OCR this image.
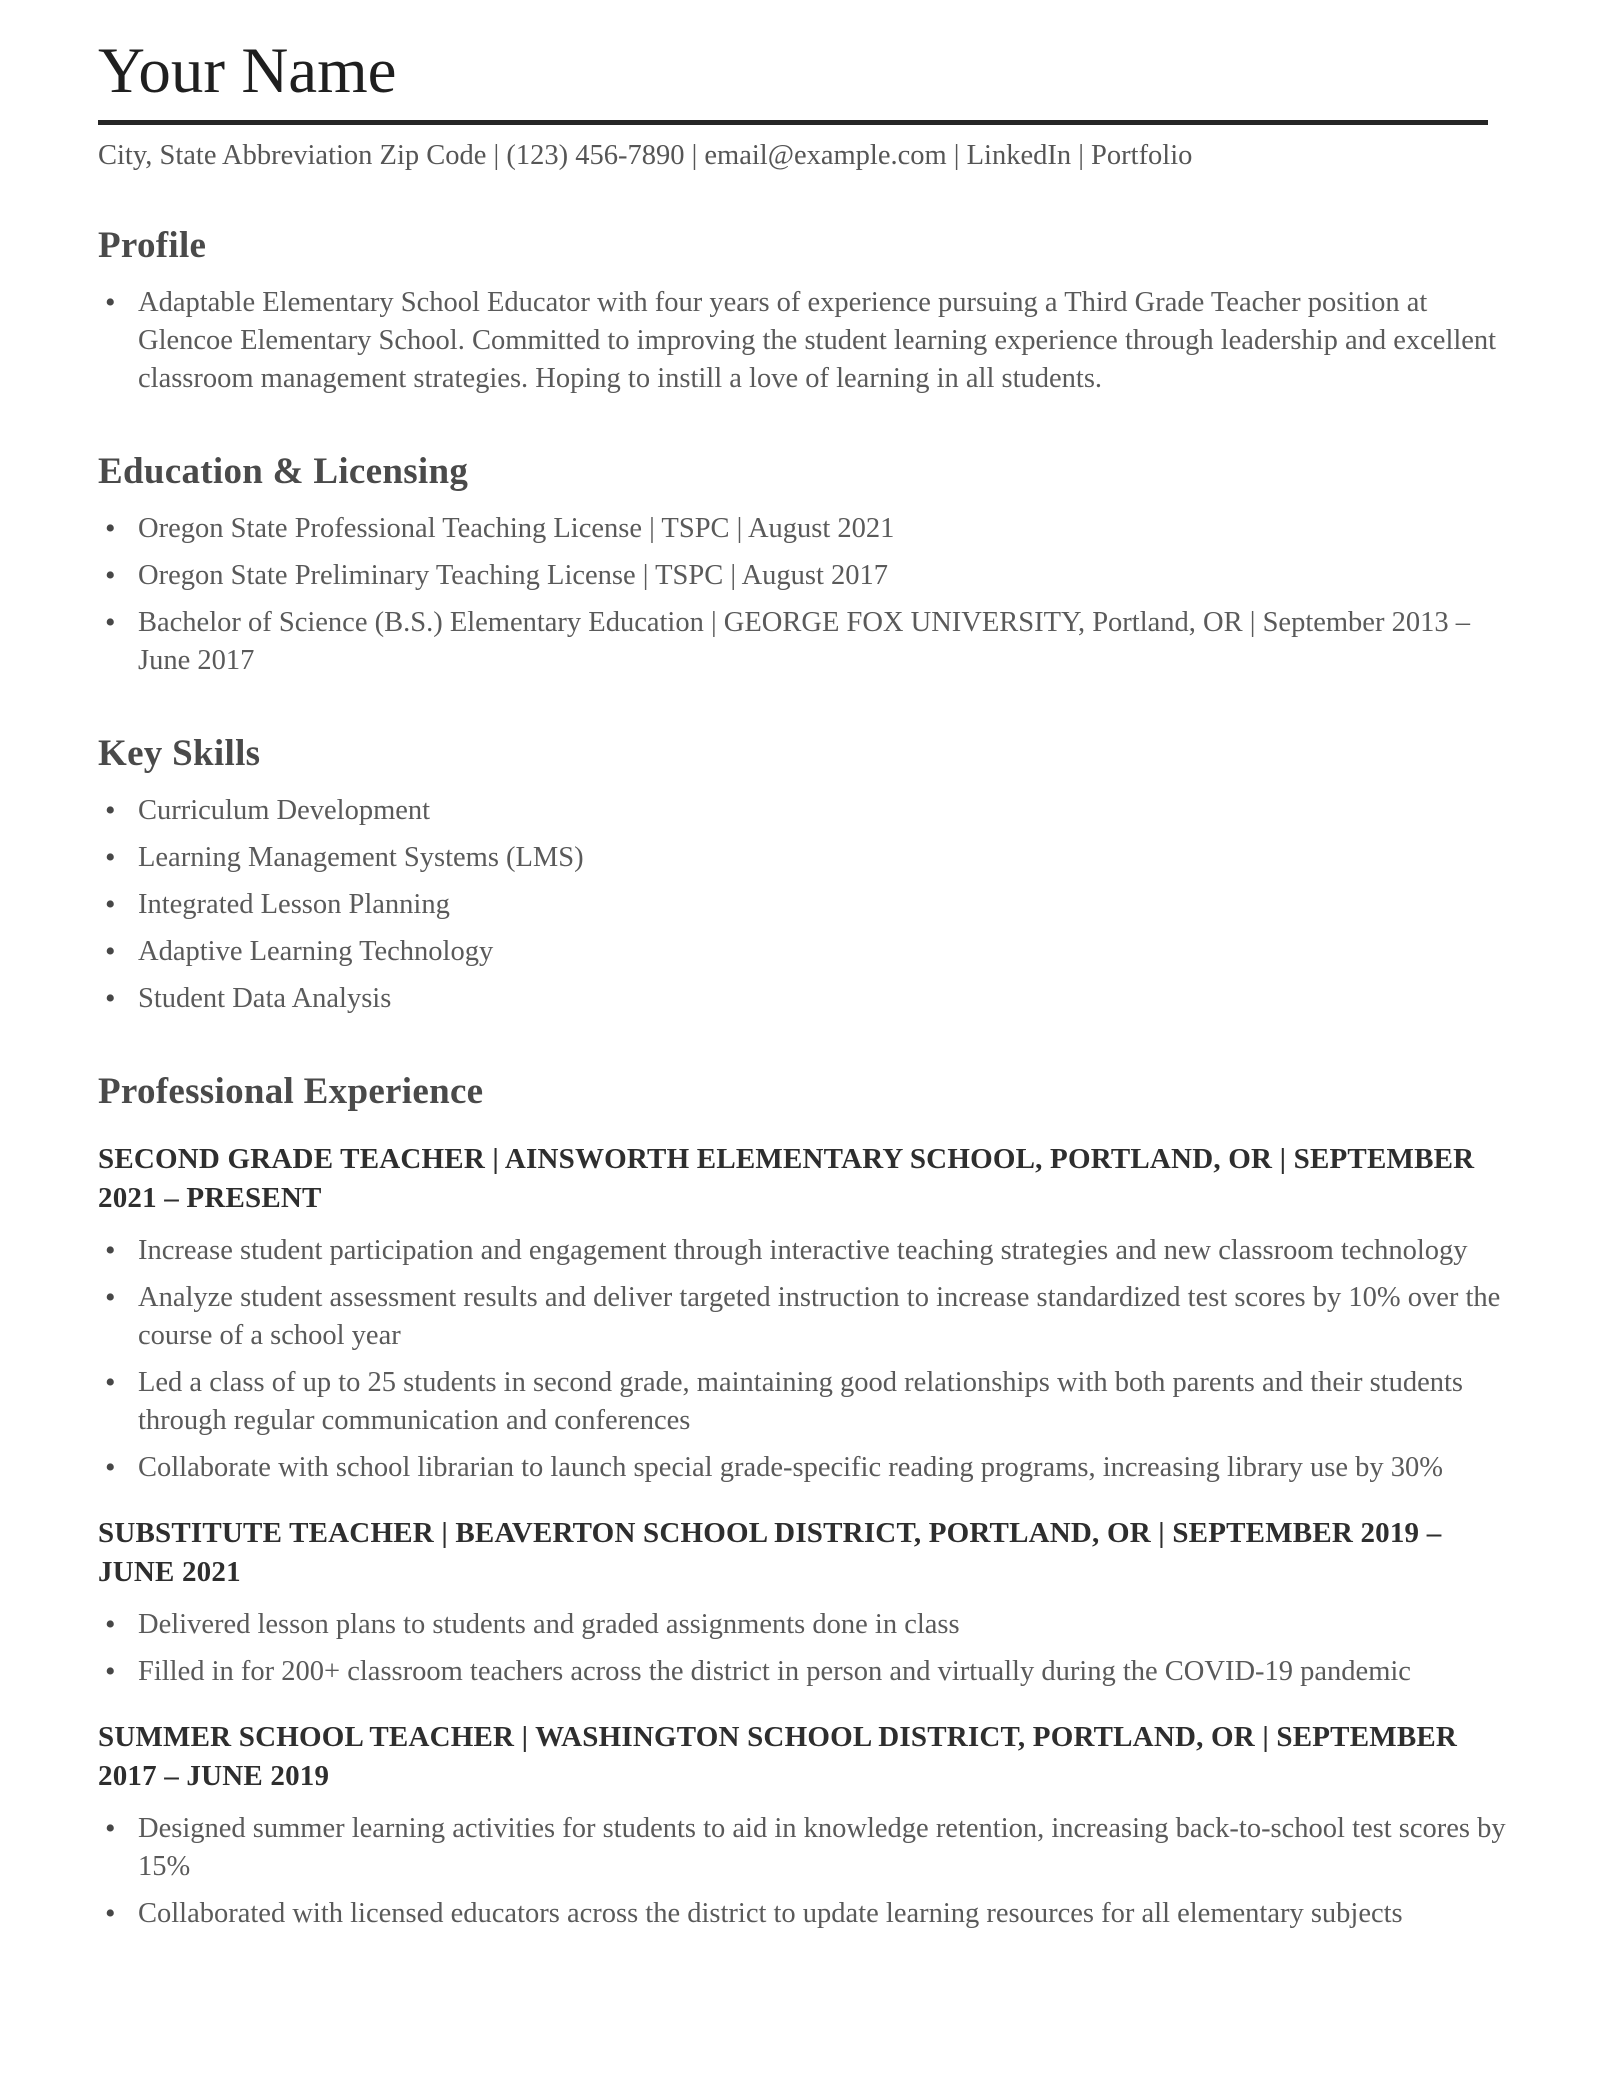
Your Name
City, State Abbreviation Zip Code | (123) 456-7890 | email@example.com | LinkedIn | Portfolio
Profile
• Adaptable Elementary School Educator with four years of experience pursuing a Third Grade Teacher position at Glencoe Elementary School. Committed to improving the student learning experience through leadership and excellent classroom management strategies. Hoping to instill a love of learning in all students.
Education & Licensing
• Oregon State Professional Teaching License | TSPC | August 2021
• Oregon State Preliminary Teaching License | TSPC | August 2017
• Bachelor of Science (B.S.) Elementary Education | GEORGE FOX UNIVERSITY, Portland, OR | September 2013 – June 2017
Key Skills
• Curriculum Development
• Learning Management Systems (LMS)
• Integrated Lesson Planning
• Adaptive Learning Technology
• Student Data Analysis
Professional Experience
SECOND GRADE TEACHER | AINSWORTH ELEMENTARY SCHOOL, PORTLAND, OR | SEPTEMBER 2021 – PRESENT
• Increase student participation and engagement through interactive teaching strategies and new classroom technology
• Analyze student assessment results and deliver targeted instruction to increase standardized test scores by 10% over the course of a school year
• Led a class of up to 25 students in second grade, maintaining good relationships with both parents and their students through regular communication and conferences
• Collaborate with school librarian to launch special grade-specific reading programs, increasing library use by 30%
SUBSTITUTE TEACHER | BEAVERTON SCHOOL DISTRICT, PORTLAND, OR | SEPTEMBER 2019 – JUNE 2021
• Delivered lesson plans to students and graded assignments done in class
• Filled in for 200+ classroom teachers across the district in person and virtually during the COVID-19 pandemic
SUMMER SCHOOL TEACHER | WASHINGTON SCHOOL DISTRICT, PORTLAND, OR | SEPTEMBER 2017 – JUNE 2019
• Designed summer learning activities for students to aid in knowledge retention, increasing back-to-school test scores by 15%
• Collaborated with licensed educators across the district to update learning resources for all elementary subjects
